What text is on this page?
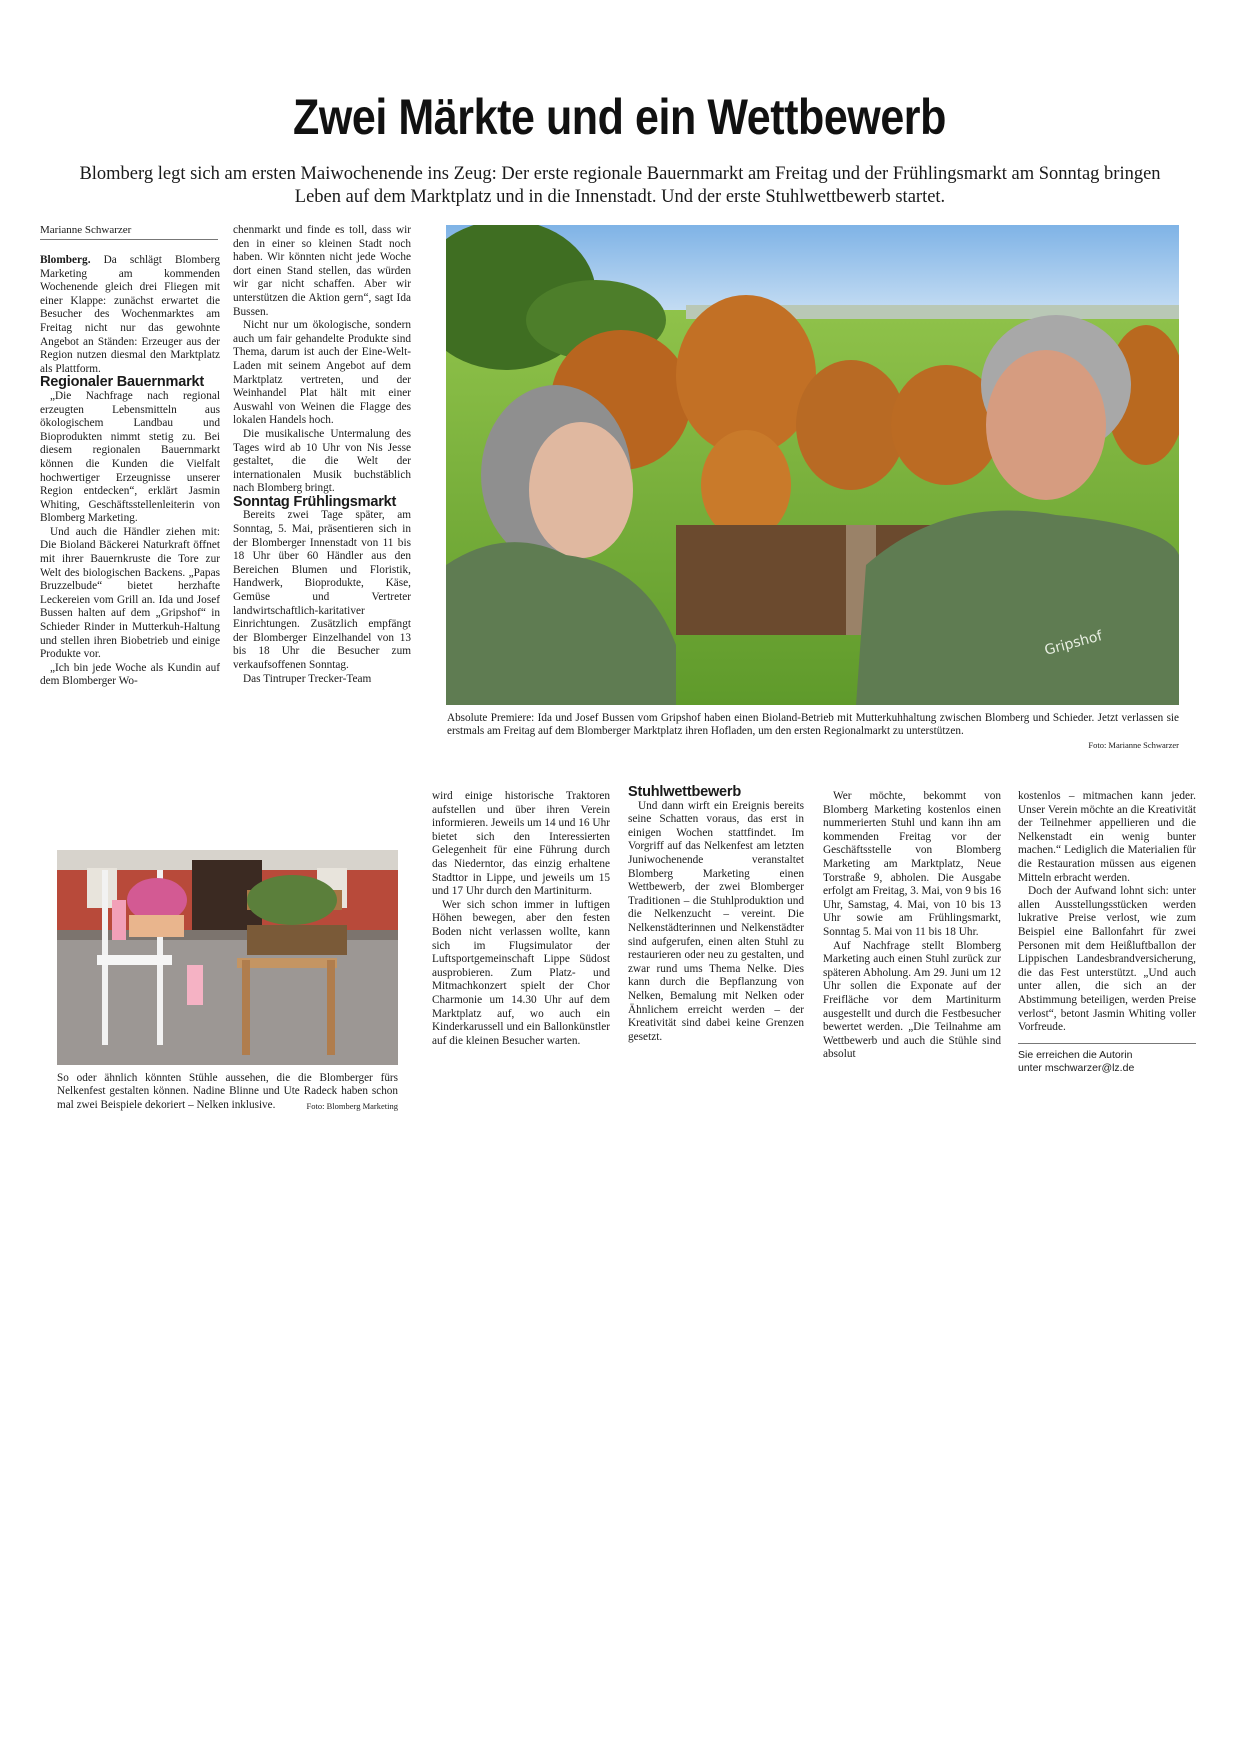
Zwei Märkte und ein Wettbewerb
Blomberg legt sich am ersten Maiwochenende ins Zeug: Der erste regionale Bauernmarkt am Freitag und der Frühlingsmarkt am Sonntag bringen Leben auf dem Marktplatz und in die Innenstadt. Und der erste Stuhlwettbewerb startet.
Marianne Schwarzer

Blomberg. Da schlägt Blomberg Marketing am kommenden Wochenende gleich drei Fliegen mit einer Klappe: zunächst erwartet die Besucher des Wochenmarktes am Freitag nicht nur das gewohnte Angebot an Ständen: Erzeuger aus der Region nutzen diesmal den Marktplatz als Plattform.

Regionaler Bauernmarkt

„Die Nachfrage nach regional erzeugten Lebensmitteln aus ökologischem Landbau und Bioprodukten nimmt stetig zu. Bei diesem regionalen Bauernmarkt können die Kunden die Vielfalt hochwertiger Erzeugnisse unserer Region entdecken“, erklärt Jasmin Whiting, Geschäftsstellenleiterin von Blomberg Marketing.

Und auch die Händler ziehen mit: Die Bioland Bäckerei Naturkraft öffnet mit ihrer Bauernkruste die Tore zur Welt des biologischen Backens. „Papas Bruzzelbude“ bietet herzhafte Leckereien vom Grill an. Ida und Josef Bussen halten auf dem „Gripshof“ in Schieder Rinder in Mutterkuh-Haltung und stellen ihren Biobetrieb und einige Produkte vor.

„Ich bin jede Woche als Kundin auf dem Blomberger Wo-

chenmarkt und finde es toll, dass wir den in einer so kleinen Stadt noch haben. Wir könnten nicht jede Woche dort einen Stand stellen, das würden wir gar nicht schaffen. Aber wir unterstützen die Aktion gern“, sagt Ida Bussen.

Nicht nur um ökologische, sondern auch um fair gehandelte Produkte sind Thema, darum ist auch der Eine-Welt-Laden mit seinem Angebot auf dem Marktplatz vertreten, und der Weinhandel Plat hält mit einer Auswahl von Weinen die Flagge des lokalen Handels hoch.

Die musikalische Untermalung des Tages wird ab 10 Uhr von Nis Jesse gestaltet, die die Welt der internationalen Musik buchstäblich nach Blomberg bringt.

Sonntag Frühlingsmarkt

Bereits zwei Tage später, am Sonntag, 5. Mai, präsentieren sich in der Blomberger Innenstadt von 11 bis 18 Uhr über 60 Händler aus den Bereichen Blumen und Floristik, Handwerk, Bioprodukte, Käse, Gemüse und Vertreter landwirtschaftlich-karitativer Einrichtungen. Zusätzlich empfängt der Blomberger Einzelhandel von 13 bis 18 Uhr die Besucher zum verkaufsoffenen Sonntag.

Das Tintruper Trecker-Team

Gripshof
Absolute Premiere: Ida und Josef Bussen vom Gripshof haben einen Bioland-Betrieb mit Mutterkuhhaltung zwischen Blomberg und Schieder. Jetzt verlassen sie erstmals am Freitag auf dem Blomberger Marktplatz ihren Hofladen, um den ersten Regionalmarkt zu unterstützen.
Foto: Marianne Schwarzer
So oder ähnlich könnten Stühle aussehen, die die Blomberger fürs Nelkenfest gestalten können. Nadine Blinne und Ute Radeck haben schon mal zwei Beispiele dekoriert – Nelken inklusive.	Foto: Blomberg Marketing

wird einige historische Traktoren aufstellen und über ihren Verein informieren. Jeweils um 14 und 16 Uhr bietet sich den Interessierten Gelegenheit für eine Führung durch das Niederntor, das einzig erhaltene Stadttor in Lippe, und jeweils um 15 und 17 Uhr durch den Martiniturm.

Wer sich schon immer in luftigen Höhen bewegen, aber den festen Boden nicht verlassen wollte, kann sich im Flugsimulator der Luftsportgemeinschaft Lippe Südost ausprobieren. Zum Platz- und Mitmachkonzert spielt der Chor Charmonie um 14.30 Uhr auf dem Marktplatz auf, wo auch ein Kinderkarussell und ein Ballonkünstler auf die kleinen Besucher warten.

Stuhlwettbewerb

Und dann wirft ein Ereignis bereits seine Schatten voraus, das erst in einigen Wochen stattfindet. Im Vorgriff auf das Nelkenfest am letzten Juniwochenende veranstaltet Blomberg Marketing einen Wettbewerb, der zwei Blomberger Traditionen – die Stuhlproduktion und die Nelkenzucht – vereint. Die Nelkenstädterinnen und Nelkenstädter sind aufgerufen, einen alten Stuhl zu restaurieren oder neu zu gestalten, und zwar rund ums Thema Nelke. Dies kann durch die Bepflanzung von Nelken, Bemalung mit Nelken oder Ähnlichem erreicht werden – der Kreativität sind dabei keine Grenzen gesetzt.

Wer möchte, bekommt von Blomberg Marketing kostenlos einen nummerierten Stuhl und kann ihn am kommenden Freitag vor der Geschäftsstelle von Blomberg Marketing am Marktplatz, Neue Torstraße 9, abholen. Die Ausgabe erfolgt am Freitag, 3. Mai, von 9 bis 16 Uhr, Samstag, 4. Mai, von 10 bis 13 Uhr sowie am Frühlingsmarkt, Sonntag 5. Mai von 11 bis 18 Uhr.

Auf Nachfrage stellt Blomberg Marketing auch einen Stuhl zurück zur späteren Abholung. Am 29. Juni um 12 Uhr sollen die Exponate auf der Freifläche vor dem Martiniturm ausgestellt und durch die Festbesucher bewertet werden. „Die Teilnahme am Wettbewerb und auch die Stühle sind absolut

kostenlos – mitmachen kann jeder. Unser Verein möchte an die Kreativität der Teilnehmer appellieren und die Nelkenstadt ein wenig bunter machen.“ Lediglich die Materialien für die Restauration müssen aus eigenen Mitteln erbracht werden.

Doch der Aufwand lohnt sich: unter allen Ausstellungsstücken werden lukrative Preise verlost, wie zum Beispiel eine Ballonfahrt für zwei Personen mit dem Heißluftballon der Lippischen Landesbrandversicherung, die das Fest unterstützt. „Und auch unter allen, die sich an der Abstimmung beteiligen, werden Preise verlost“, betont Jasmin Whiting voller Vorfreude.

Sie erreichen die Autorin
unter mschwarzer@lz.de
